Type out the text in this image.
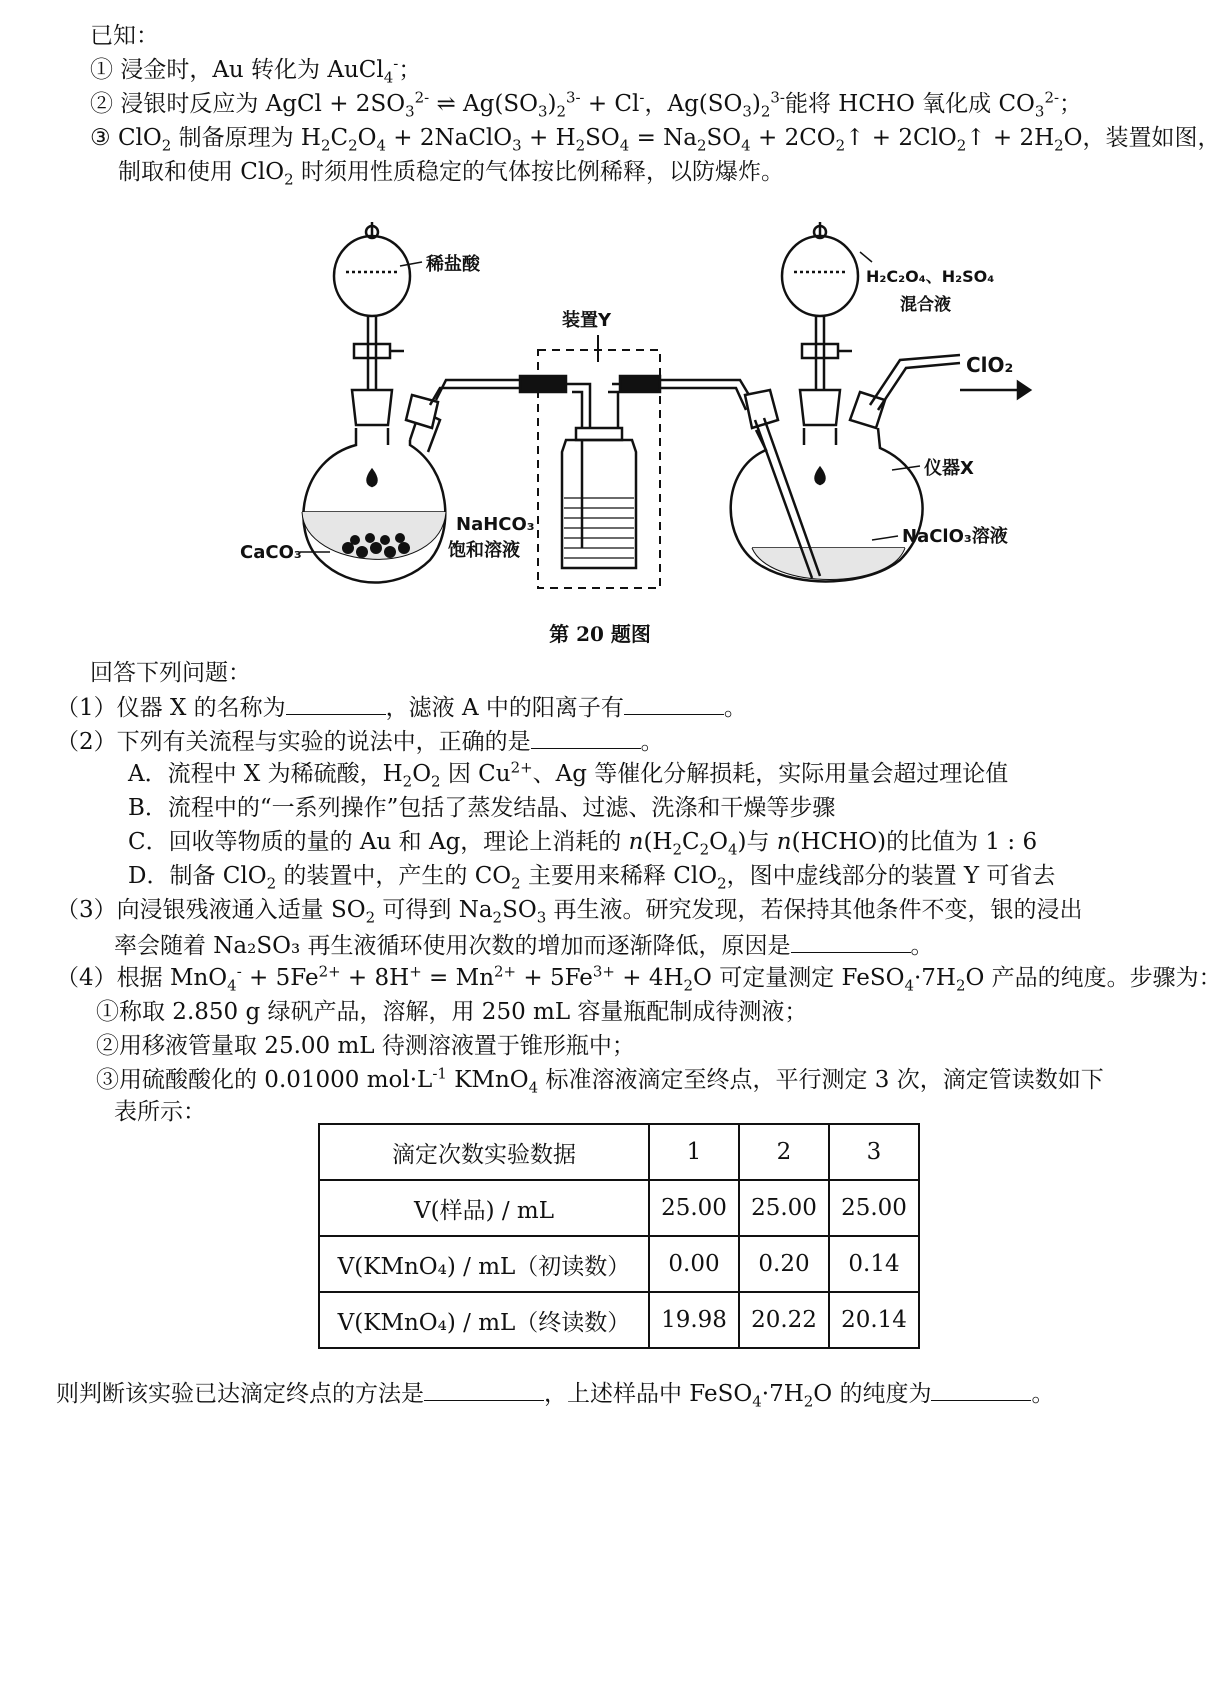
已知：
① 浸金时，Au 转化为 AuCl$_4$-；
② 浸银时反应为 AgCl + $2SO_3^{2-}$ ⇌ $Ag(SO_3)_2^{3-} + Cl^-$，$Ag(SO_3)_2^{3-}$能将 HCHO 氧化成 $CO_3^{2-}$；
③ ClO$_2$ 制备原理为 $H_2C_2O_4$ + 2NaClO$_3$ + $H_2SO_4 = Na_2SO_4$ + $2CO_2↑$ + 2ClO$_2$↑ + $2H_2O$，装置如图，
制取和使用 ClO$_2$ 时须用性质稳定的气体按比例稀释，以防爆炸。
稀盐酸
CaCO₃
装置Y
NaHCO₃
饱和溶液
H₂C₂O₄、H₂SO₄
混合液
ClO₂
仪器X
NaClO₃溶液
第 20 题图
回答下列问题：
（1）仪器 X 的名称为	，滤液 A 中的阳离子有	。
（2）下列有关流程与实验的说法中，正确的是	。
A．流程中 X 为稀硫酸，$H_2O_2$ 因 $Cu^{2+}$、Ag 等催化分解损耗，实际用量会超过理论值
B．流程中的“一系列操作”包括了蒸发结晶、过滤、洗涤和干燥等步骤
C．回收等物质的量的 Au 和 Ag，理论上消耗的 $n(H_2C_2O_4)$与 n(HCHO)的比值为 1 : 6
D．制备 ClO$_2$ 的装置中，产生的 $CO_2$ 主要用来稀释 ClO$_2$，图中虚线部分的装置 Y 可省去
（3）向浸银残液通入适量 $SO_2$ 可得到 $Na_2SO_3$ 再生液。研究发现，若保持其他条件不变，银的浸出
率会随着 Na₂SO₃ 再生液循环使用次数的增加而逐渐降低，原因是	。
（4）根据 $MnO_4^- + 5Fe^{2+} + 8H^+ = Mn^{2+} + 5Fe^{3+} + 4H_2O$ 可定量测定 $FeSO_4\cdot 7H_2O$ 产品的纯度。步骤为：
①称取 2.850 g 绿矾产品，溶解，用 250 mL 容量瓶配制成待测液；
②用移液管量取 25.00 mL 待测溶液置于锥形瓶中；
③用硫酸酸化的 0.01000 $mol\cdot L^{-1}$ KMnO$_4$ 标准溶液滴定至终点，平行测定 3 次，滴定管读数如下
表所示：
滴定次数实验数据	1	2	3
V(样品) / mL	25.00	25.00	25.00
V(KMnO₄) / mL（初读数）	0.00	0.20	0.14
V(KMnO₄) / mL（终读数）	19.98	20.22	20.14
则判断该实验已达滴定终点的方法是	，上述样品中 $FeSO_4\cdot 7H_2O$ 的纯度为	。
